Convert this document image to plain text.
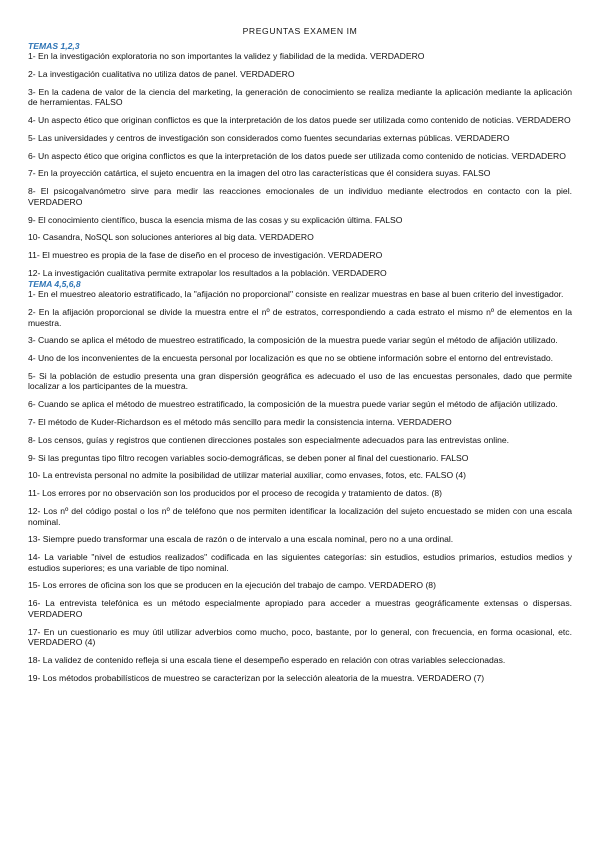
PREGUNTAS EXAMEN IM
TEMAS 1,2,3
1- En la investigación exploratoria no son importantes la validez y fiabilidad de la medida. VERDADERO
2- La investigación cualitativa no utiliza datos de panel. VERDADERO
3- En la cadena de valor de la ciencia del marketing, la generación de conocimiento se realiza mediante la aplicación mediante la aplicación de herramientas. FALSO
4- Un aspecto ético que originan conflictos es que la interpretación de los datos puede ser utilizada como contenido de noticias. VERDADERO
5- Las universidades y centros de investigación son considerados como fuentes secundarias externas públicas. VERDADERO
6- Un aspecto ético que origina conflictos es que la interpretación de los datos puede ser utilizada como contenido de noticias. VERDADERO
7- En la proyección catártica, el sujeto encuentra en la imagen del otro las características que él considera suyas. FALSO
8- El psicogalvanómetro sirve para medir las reacciones emocionales de un individuo mediante electrodos en contacto con la piel. VERDADERO
9- El conocimiento científico, busca la esencia misma de las cosas y su explicación última. FALSO
10- Casandra, NoSQL son soluciones anteriores al big data. VERDADERO
11- El muestreo es propia de la fase de diseño en el proceso de investigación. VERDADERO
12- La investigación cualitativa permite extrapolar los resultados a la población. VERDADERO
TEMA 4,5,6,8
1- En el muestreo aleatorio estratificado, la "afijación no proporcional" consiste en realizar muestras en base al buen criterio del investigador.
2- En la afijación proporcional se divide la muestra entre el nº de estratos, correspondiendo a cada estrato el mismo nº de elementos en la muestra.
3- Cuando se aplica el método de muestreo estratificado, la composición de la muestra puede variar según el método de afijación utilizado.
4- Uno de los inconvenientes de la encuesta personal por localización es que no se obtiene información sobre el entorno del entrevistado.
5- Si la población de estudio presenta una gran dispersión geográfica es adecuado el uso de las encuestas personales, dado que permite localizar a los participantes de la muestra.
6- Cuando se aplica el método de muestreo estratificado, la composición de la muestra puede variar según el método de afijación utilizado.
7- El método de Kuder-Richardson es el método más sencillo para medir la consistencia interna. VERDADERO
8- Los censos, guías y registros que contienen direcciones postales son especialmente adecuados para las entrevistas online.
9- Si las preguntas tipo filtro recogen variables socio-demográficas, se deben poner al final del cuestionario. FALSO
10- La entrevista personal no admite la posibilidad de utilizar material auxiliar, como envases, fotos, etc. FALSO (4)
11- Los errores por no observación son los producidos por el proceso de recogida y tratamiento de datos. (8)
12- Los nº del código postal o los nº de teléfono que nos permiten identificar la localización del sujeto encuestado se miden con una escala nominal.
13- Siempre puedo transformar una escala de razón o de intervalo a una escala nominal, pero no a una ordinal.
14- La variable "nivel de estudios realizados" codificada en las siguientes categorías: sin estudios, estudios primarios, estudios medios y estudios superiores; es una variable de tipo nominal.
15- Los errores de oficina son los que se producen en la ejecución del trabajo de campo. VERDADERO (8)
16- La entrevista telefónica es un método especialmente apropiado para acceder a muestras geográficamente extensas o dispersas. VERDADERO
17- En un cuestionario es muy útil utilizar adverbios como mucho, poco, bastante, por lo general, con frecuencia, en forma ocasional, etc. VERDADERO (4)
18- La validez de contenido refleja si una escala tiene el desempeño esperado en relación con otras variables seleccionadas.
19- Los métodos probabilísticos de muestreo se caracterizan por la selección aleatoria de la muestra. VERDADERO (7)
